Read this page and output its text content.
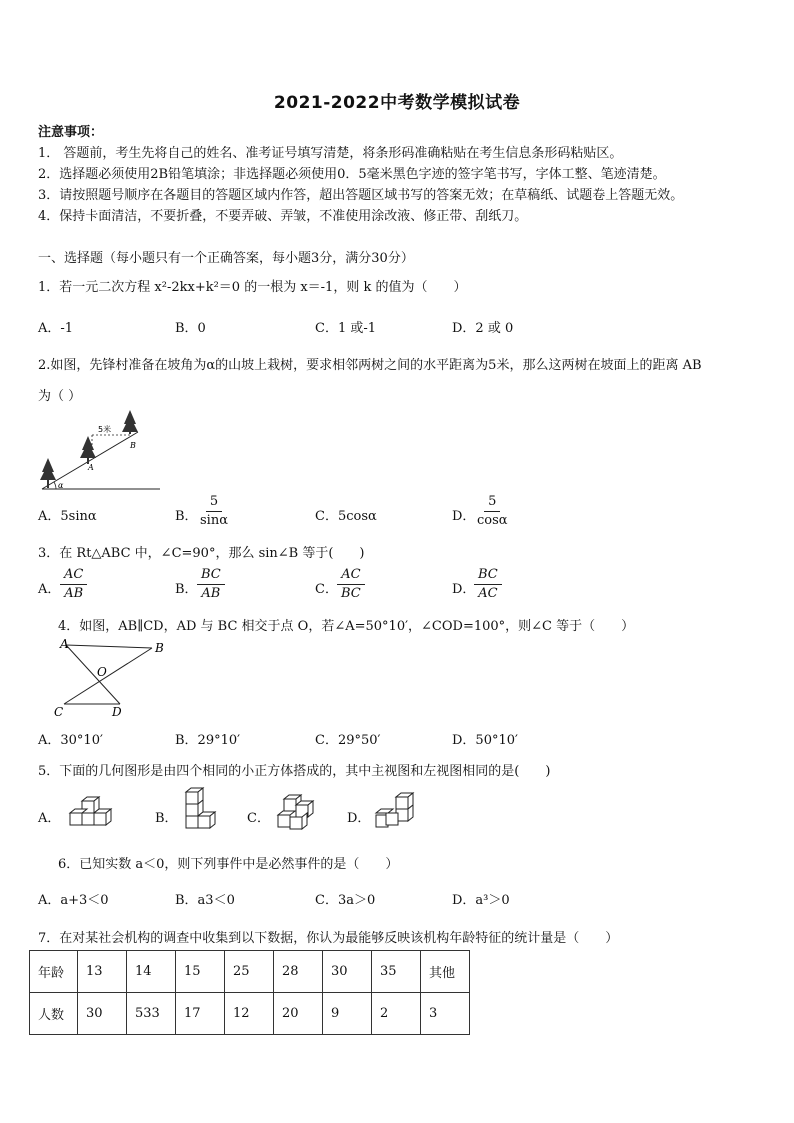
2021-2022中考数学模拟试卷
注意事项：
1． 答题前，考生先将自己的姓名、准考证号填写清楚，将条形码准确粘贴在考生信息条形码粘贴区。
2．选择题必须使用2B铅笔填涂；非选择题必须使用0．5毫米黑色字迹的签字笔书写，字体工整、笔迹清楚。
3．请按照题号顺序在各题目的答题区域内作答，超出答题区域书写的答案无效；在草稿纸、试题卷上答题无效。
4．保持卡面清洁，不要折叠，不要弄破、弄皱，不准使用涂改液、修正带、刮纸刀。
一、选择题（每小题只有一个正确答案，每小题3分，满分30分）
1．若一元二次方程 x²-2kx+k²＝0 的一根为 x＝-1，则 k 的值为（　　）
A．-1	B．0	C．1 或-1	D．2 或 0
2.如图，先锋村准备在坡角为α的山坡上栽树，要求相邻两树之间的水平距离为5米，那么这两树在坡面上的距离 AB
为（ ）
5米
A
B
α
A．5sinα	B．
$\frac{5}{\sin\alpha}$	C．5cosα	D．
$\frac{5}{\cos\alpha}$
3．在 Rt△ABC 中，∠C=90°，那么 sin∠B 等于(　　)
A． $\frac{AC}{AB}$	B． $\frac{BC}{AB}$	C． $\frac{AC}{BC}$	D．
$\frac{BC}{AC}$
4．如图，AB∥CD，AD 与 BC 相交于点 O，若∠A=50°10′，∠COD=100°，则∠C 等于（　　）
A	B
O
C	D
A．30°10′	B．29°10′	C．29°50′	D．50°10′
5．下面的几何图形是由四个相同的小正方体搭成的，其中主视图和左视图相同的是(　　)
A．	B．	C．	D．
6．已知实数 a＜0，则下列事件中是必然事件的是（　　）
A．a+3＜0	B．a3＜0	C．3a＞0	D．a³＞0
7．在对某社会机构的调查中收集到以下数据，你认为最能够反映该机构年龄特征的统计量是（　　）
年龄	13	14	15	25	28	30	35	其他
人数	30	533	17	12	20	9	2	3
